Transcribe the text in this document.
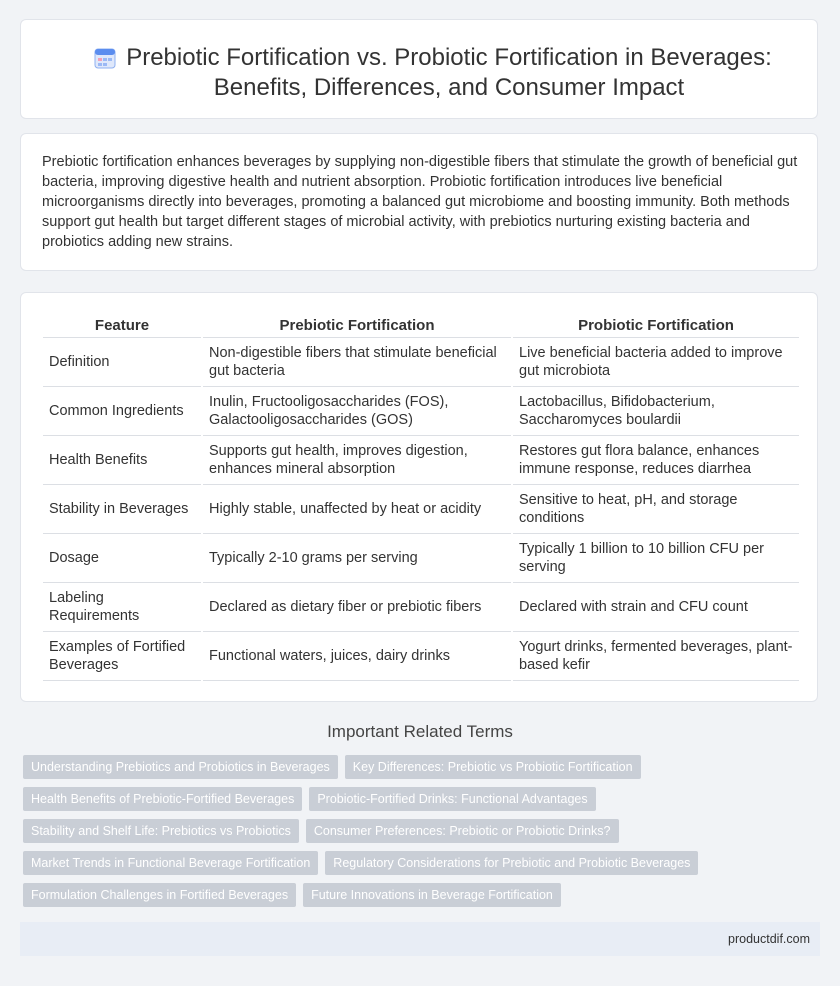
Prebiotic Fortification vs. Probiotic Fortification in Beverages: Benefits, Differences, and Consumer Impact

Prebiotic fortification enhances beverages by supplying non-digestible fibers that stimulate the growth of beneficial gut bacteria, improving digestive health and nutrient absorption. Probiotic fortification introduces live beneficial microorganisms directly into beverages, promoting a balanced gut microbiome and boosting immunity. Both methods support gut health but target different stages of microbial activity, with prebiotics nurturing existing bacteria and probiotics adding new strains.

Feature	Prebiotic Fortification	Probiotic Fortification
Definition	Non-digestible fibers that stimulate beneficial gut bacteria	Live beneficial bacteria added to improve gut microbiota
Common Ingredients	Inulin, Fructooligosaccharides (FOS), Galactooligosaccharides (GOS)	Lactobacillus, Bifidobacterium, Saccharomyces boulardii
Health Benefits	Supports gut health, improves digestion, enhances mineral absorption	Restores gut flora balance, enhances immune response, reduces diarrhea
Stability in Beverages	Highly stable, unaffected by heat or acidity	Sensitive to heat, pH, and storage conditions
Dosage	Typically 2-10 grams per serving	Typically 1 billion to 10 billion CFU per serving
Labeling Requirements	Declared as dietary fiber or prebiotic fibers	Declared with strain and CFU count
Examples of Fortified Beverages	Functional waters, juices, dairy drinks	Yogurt drinks, fermented beverages, plant-based kefir
Important Related Terms
Understanding Prebiotics and Probiotics in Beverages	Key Differences: Prebiotic vs Probiotic Fortification
Health Benefits of Prebiotic-Fortified Beverages	Probiotic-Fortified Drinks: Functional Advantages
Stability and Shelf Life: Prebiotics vs Probiotics	Consumer Preferences: Prebiotic or Probiotic Drinks?
Market Trends in Functional Beverage Fortification	Regulatory Considerations for Prebiotic and Probiotic Beverages
Formulation Challenges in Fortified Beverages	Future Innovations in Beverage Fortification
productdif.com
